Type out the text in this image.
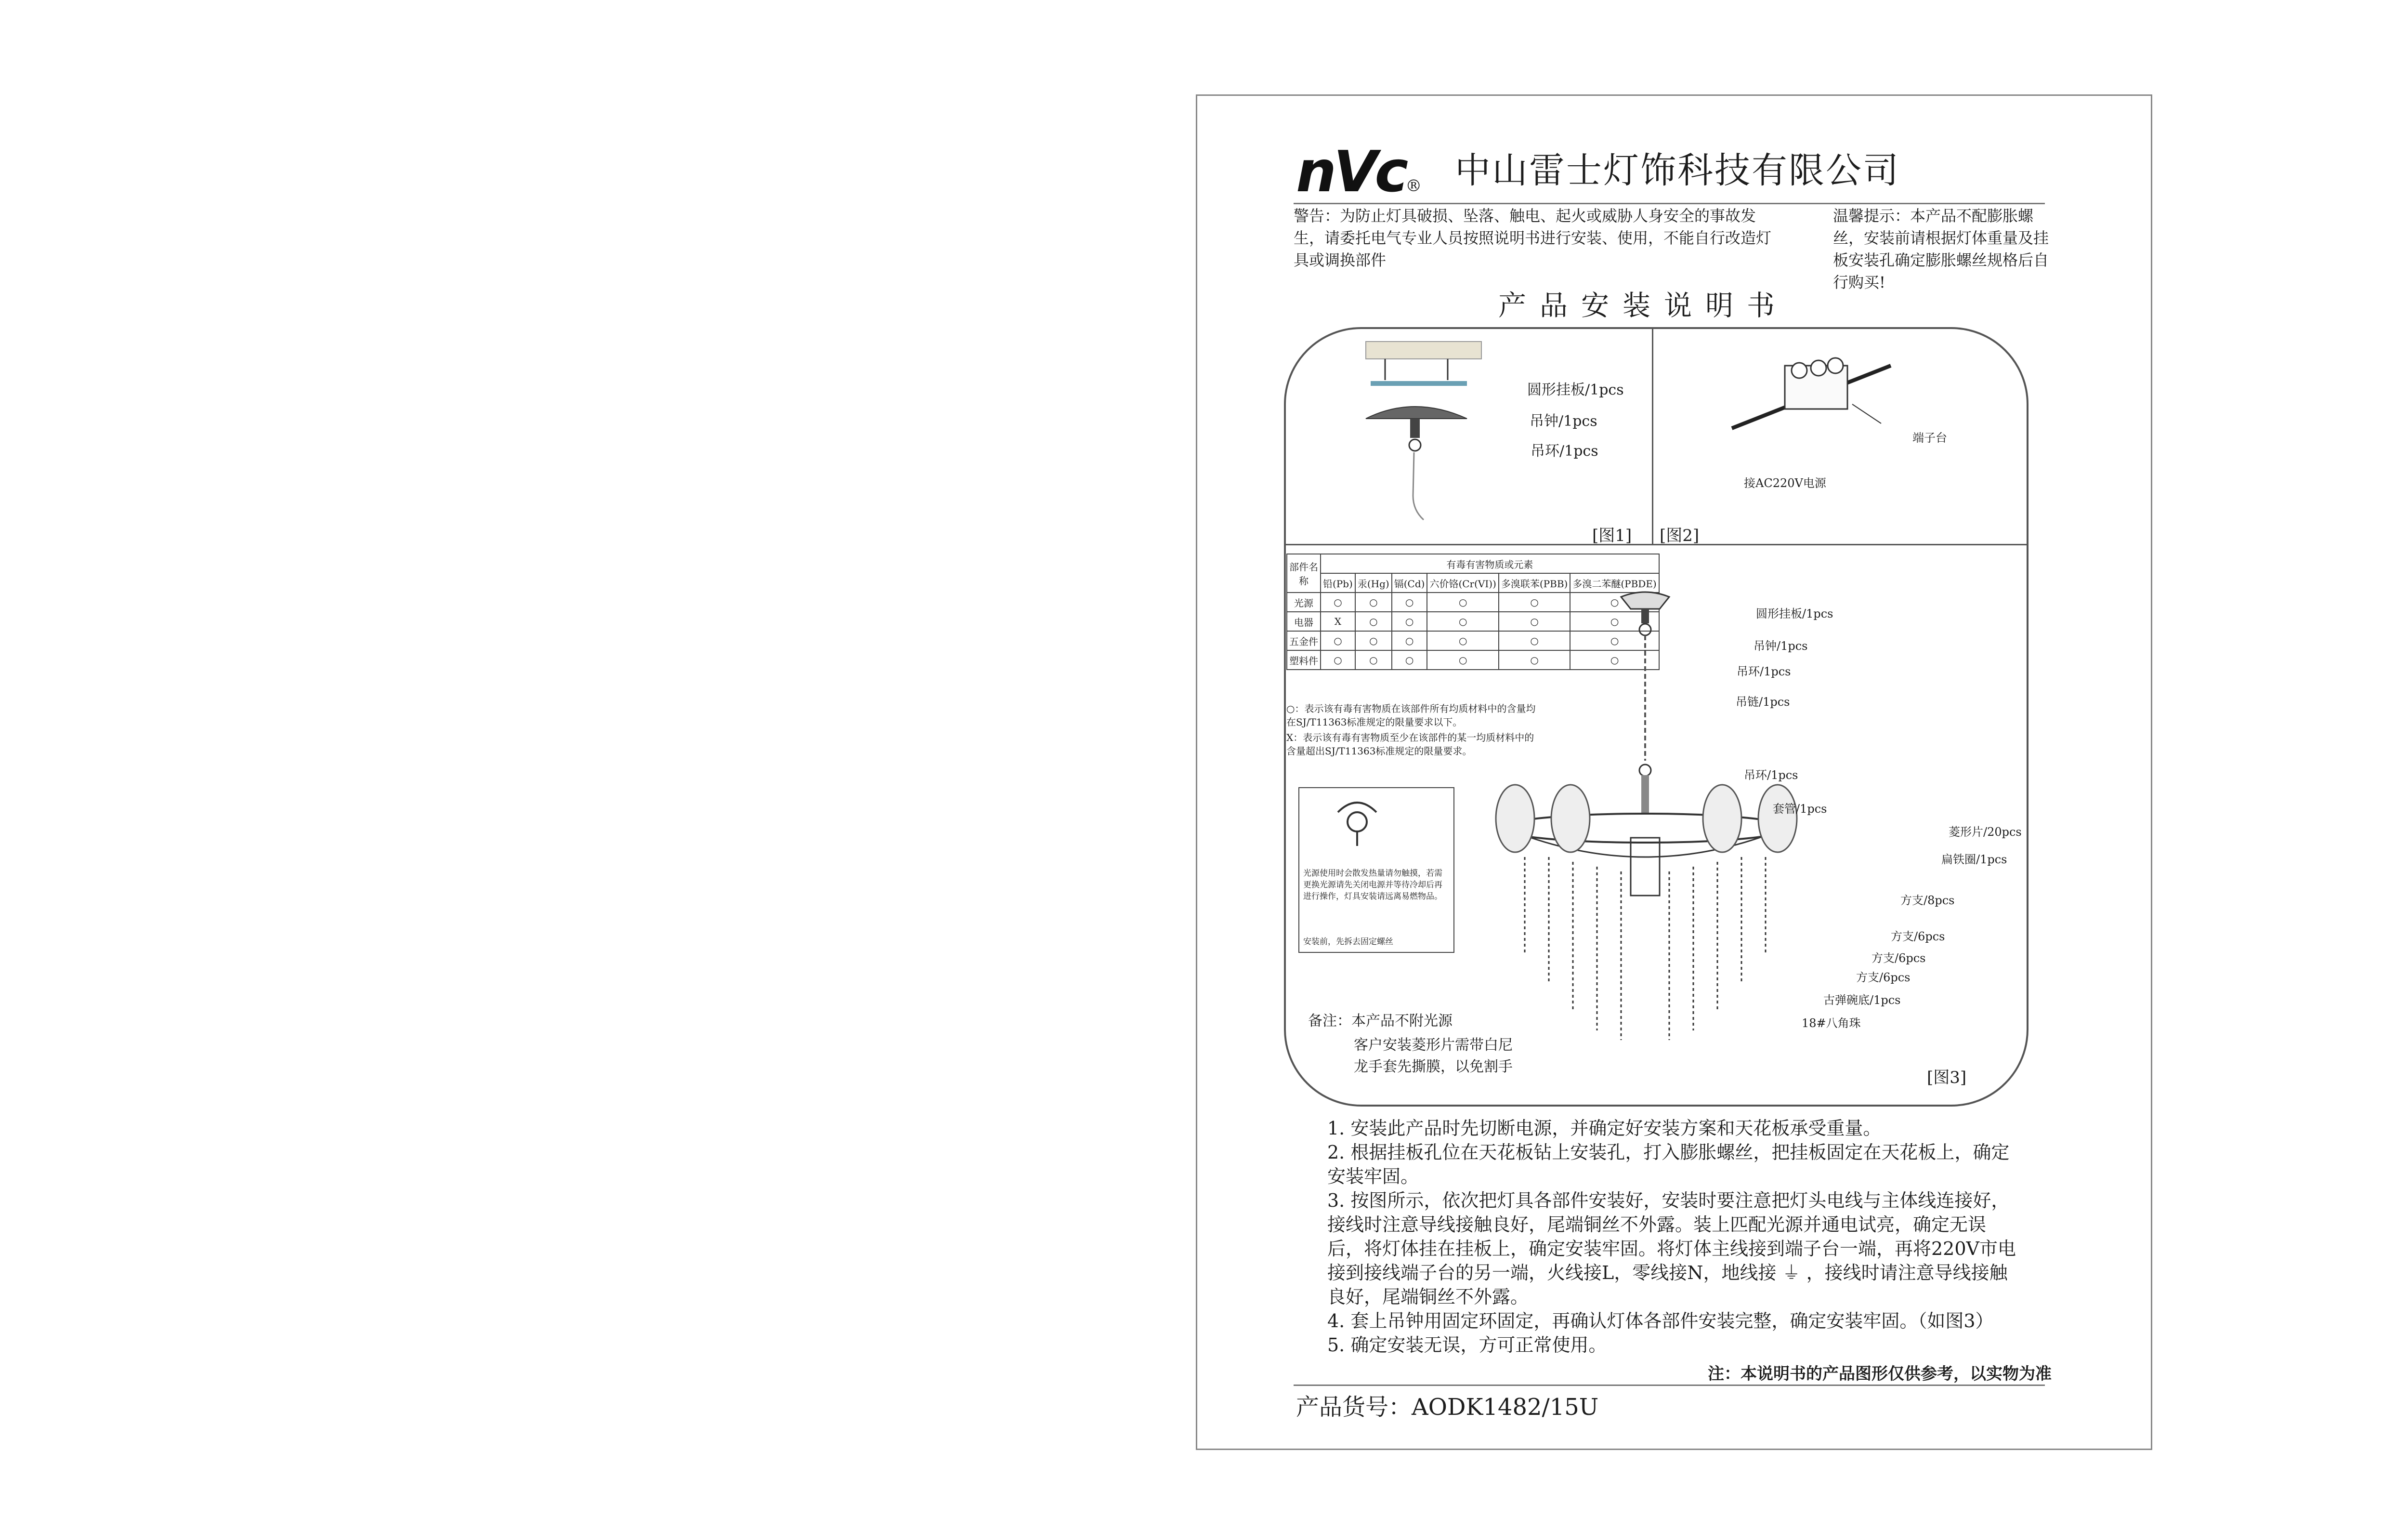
nVc® 中山雷士灯饰科技有限公司
警告：为防止灯具破损、坠落、触电、起火或威胁人身安全的事故发生，请委托电气专业人员按照说明书进行安装、使用，不能自行改造灯具或调换部件
温馨提示：本产品不配膨胀螺丝，安装前请根据灯体重量及挂板安装孔确定膨胀螺丝规格后自行购买!
产品安装说明书
圆形挂板/1pcs
吊钟/1pcs
吊环/1pcs
[图1]
端子台
接AC220V电源
[图2]
部件名称	有毒有害物质或元素					
	铅(Pb)	汞(Hg)	镉(Cd)	六价铬(Cr(VI))	多溴联苯(PBB)	多溴二苯醚(PBDE)
光源	○	○	○	○	○	○
电器	X	○	○	○	○	○
五金件	○	○	○	○	○	○
塑料件	○	○	○	○	○	○
○：表示该有毒有害物质在该部件所有均质材料中的含量均在SJ/T11363标准规定的限量要求以下。
X：表示该有毒有害物质至少在该部件的某一均质材料中的含量超出SJ/T11363标准规定的限量要求。
光源使用时会散发热量请勿触摸，若需更换光源请先关闭电源并等待冷却后再进行操作，灯具安装请远离易燃物品。
安装前，先拆去固定螺丝
备注：本产品不附光源
客户安装菱形片需带白尼
龙手套先撕膜，以免割手
圆形挂板/1pcs
吊钟/1pcs
吊环/1pcs
吊链/1pcs
吊环/1pcs
套管/1pcs
菱形片/20pcs
扁铁圈/1pcs
方支/8pcs
方支/6pcs
方支/6pcs
方支/6pcs
古弹碗底/1pcs
18#八角珠
[图3]
1. 安装此产品时先切断电源，并确定好安装方案和天花板承受重量。
2. 根据挂板孔位在天花板钻上安装孔，打入膨胀螺丝，把挂板固定在天花板上，确定安装牢固。
3. 按图所示，依次把灯具各部件安装好，安装时要注意把灯头电线与主体线连接好，接线时注意导线接触良好，尾端铜丝不外露。装上匹配光源并通电试亮，确定无误后，将灯体挂在挂板上，确定安装牢固。将灯体主线接到端子台一端，再将220V市电接到接线端子台的另一端，火线接L，零线接N，地线接 ⏚ ，接线时请注意导线接触良好，尾端铜丝不外露。
4. 套上吊钟用固定环固定，再确认灯体各部件安装完整，确定安装牢固。（如图3）
5. 确定安装无误，方可正常使用。
注：本说明书的产品图形仅供参考，以实物为准
产品货号：AODK1482/15U
